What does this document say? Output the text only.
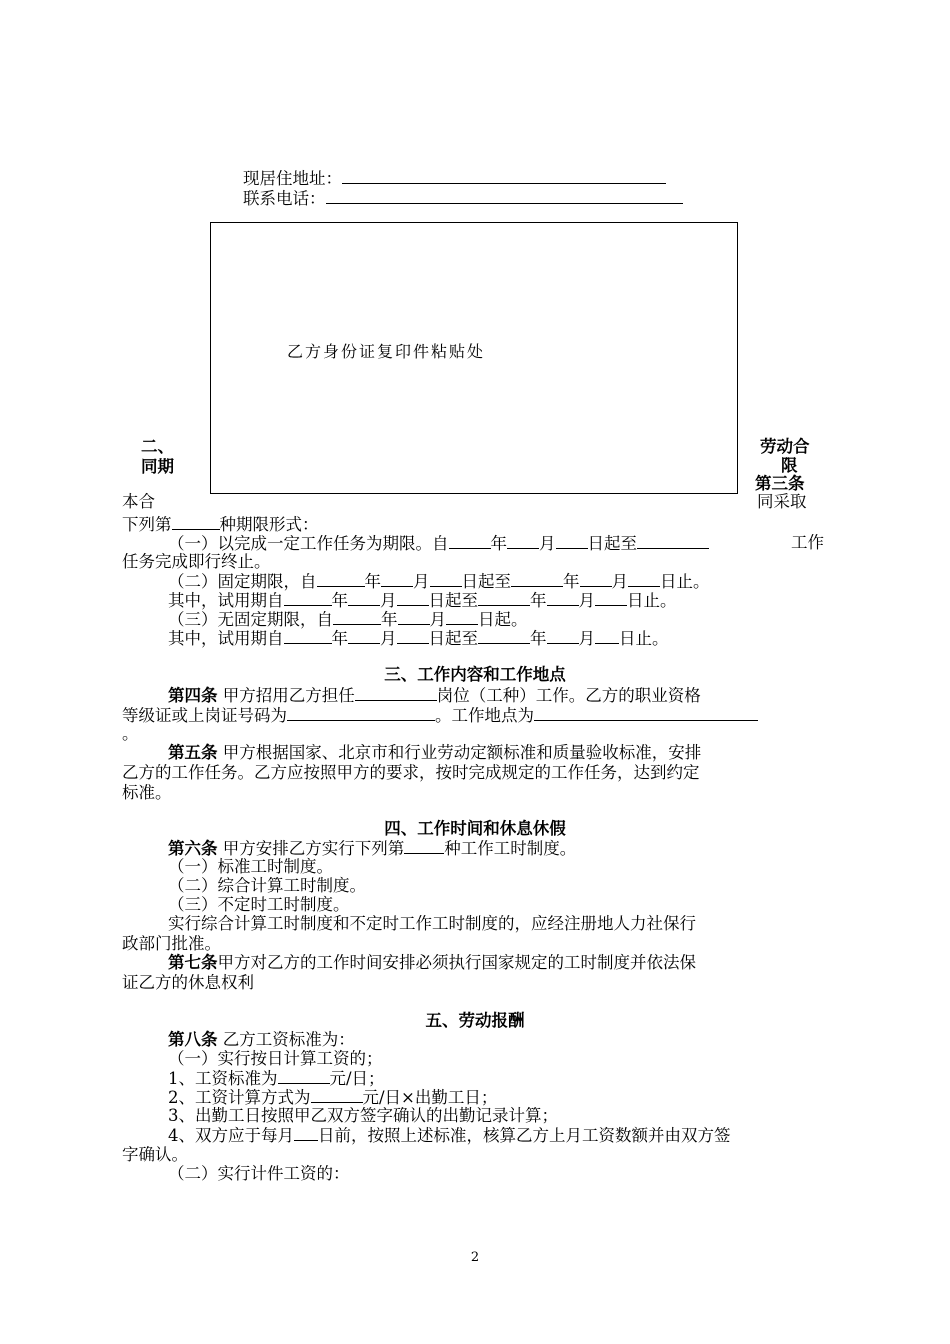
现居住地址：
联系电话：
乙方身份证复印件粘贴处
二、
同期
本合
劳动合
限
第三条
同采取
下列第	种期限形式：
（一）以完成一定工作任务为期限。自	年 月 日起至	工作
任务完成即行终止。
（二）固定期限，自	年 月 日起至	年 月 日止。
其中，试用期自	年 月 日起至	年 月 日止。
（三）无固定期限，自	年 月 日起。
其中，试用期自	年 月 日起至	年 月 日止。
三、工作内容和工作地点
第四条 甲方招用乙方担任	岗位（工种）工作。乙方的职业资格
等级证或上岗证号码为	。工作地点为
。
第五条 甲方根据国家、北京市和行业劳动定额标准和质量验收标准，安排
乙方的工作任务。乙方应按照甲方的要求，按时完成规定的工作任务，达到约定
标准。
四、工作时间和休息休假
第六条 甲方安排乙方实行下列第 种工作工时制度。
（一）标准工时制度。
（二）综合计算工时制度。
（三）不定时工时制度。
实行综合计算工时制度和不定时工作工时制度的，应经注册地人力社保行
政部门批准。
第七条甲方对乙方的工作时间安排必须执行国家规定的工时制度并依法保
证乙方的休息权利
五、劳动报酬
第八条 乙方工资标准为：
（一）实行按日计算工资的；
1、工资标准为	元/日；
2、工资计算方式为	元/日×出勤工日；
3、出勤工日按照甲乙双方签字确认的出勤记录计算；
4、双方应于每月 日前，按照上述标准，核算乙方上月工资数额并由双方签
字确认。
（二）实行计件工资的：
2
